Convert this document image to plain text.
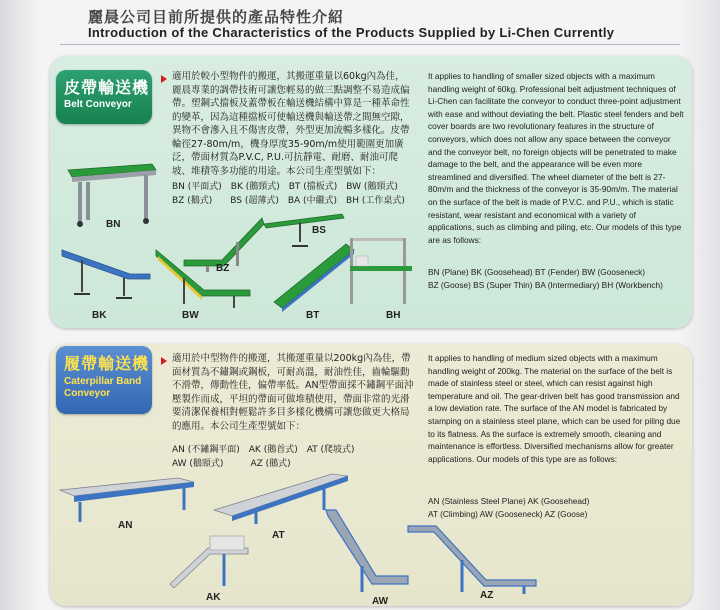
麗晨公司目前所提供的產品特性介紹
Introduction of the Characteristics of the Products Supplied by Li-Chen Currently
皮帶輸送機
Belt Conveyor
適用於較小型物件的搬運，其搬運重量以60kg內為佳，麗晨專業的調帶技術可讓您輕易的做三點調整不易造成偏帶。塑鋼式擋板及蓋帶板在輸送機結構中算是一種革命性的變革，因為這種擋板可使輸送機與輸送帶之間無空隙，異物不會滲入且不傷害皮帶，外型更加流暢多樣化。皮帶輪徑27-80m/m，機身厚度35-90m/m使用範圍更加廣泛，帶面材質為P.V.C, P.U.可抗靜電、耐磨、耐油可爬坡、堆積等多功能的用途。本公司生產型號如下：
BN (平面式)　BK (鵝頸式)　BT (擋板式)　BW (鵝頸式)
BZ (鵝式)　　BS (超薄式)　BA (中繼式)　BH (工作桌式)
It applies to handling of smaller sized objects with a maximum handling weight of 60kg. Professional belt adjustment techniques of Li-Chen can facilitate the conveyor to conduct three-point adjustment with ease and without deviating the belt. Plastic steel fenders and belt cover boards are two revolutionary features in the structure of conveyors, which does not allow any space between the conveyor and the conveyor belt, no foreign objects will be penetrated to make damage to the belt, and the appearance will be even more streamlined and diversified. The wheel diameter of the belt is 27-80m/m and the thickness of the conveyor is 35-90m/m. The material on the surface of the belt is made of P.V.C. and P.U., which is static resistant, wear resistant and economical with a variety of applications, such as climbing and piling, etc. Our models of this type are as follows:
BN (Plane) BK (Goosehead) BT (Fender) BW (Gooseneck)
BZ (Goose) BS (Super Thin) BA (Intermediary) BH (Workbench)
BN
BS
BZ
BK	BW	BT	BH
履帶輸送機
Caterpillar Band Conveyor
適用於中型物件的搬運，其搬運重量以200kg內為佳，帶面材質為不鏽鋼或鋼板，可耐高溫，耐油性佳，齒輪驅動不滑帶，傳動性佳，偏帶率低。AN型帶面採不鏽鋼平面沖壓製作而成，平坦的帶面可做堆積使用，帶面非常的光滑要清潔保養相對輕鬆許多目多樣化機構可讓您做更大格局的應用。本公司生產型號如下：
AN (不鏽鋼平面)　AK (鵝首式)　AT (爬坡式)
AW (鵝頸式)　　　AZ (鵝式)
It applies to handling of medium sized objects with a maximum handling weight of 200kg. The material on the surface of the belt is made of stainless steel or steel, which can resist against high temperature and oil. The gear-driven belt has good transmission and a low deviation rate. The surface of the AN model is fabricated by stamping on a stainless steel plane, which can be used for piling due to its flatness. As the surface is extremely smooth, cleaning and maintenance is effortless. Diversified mechanisms allow for greater applications. Our models of this type are as follows:
AN (Stainless Steel Plane) AK (Goosehead)
AT (Climbing) AW (Gooseneck) AZ (Goose)
AN
AT
AK	AW
AZ
